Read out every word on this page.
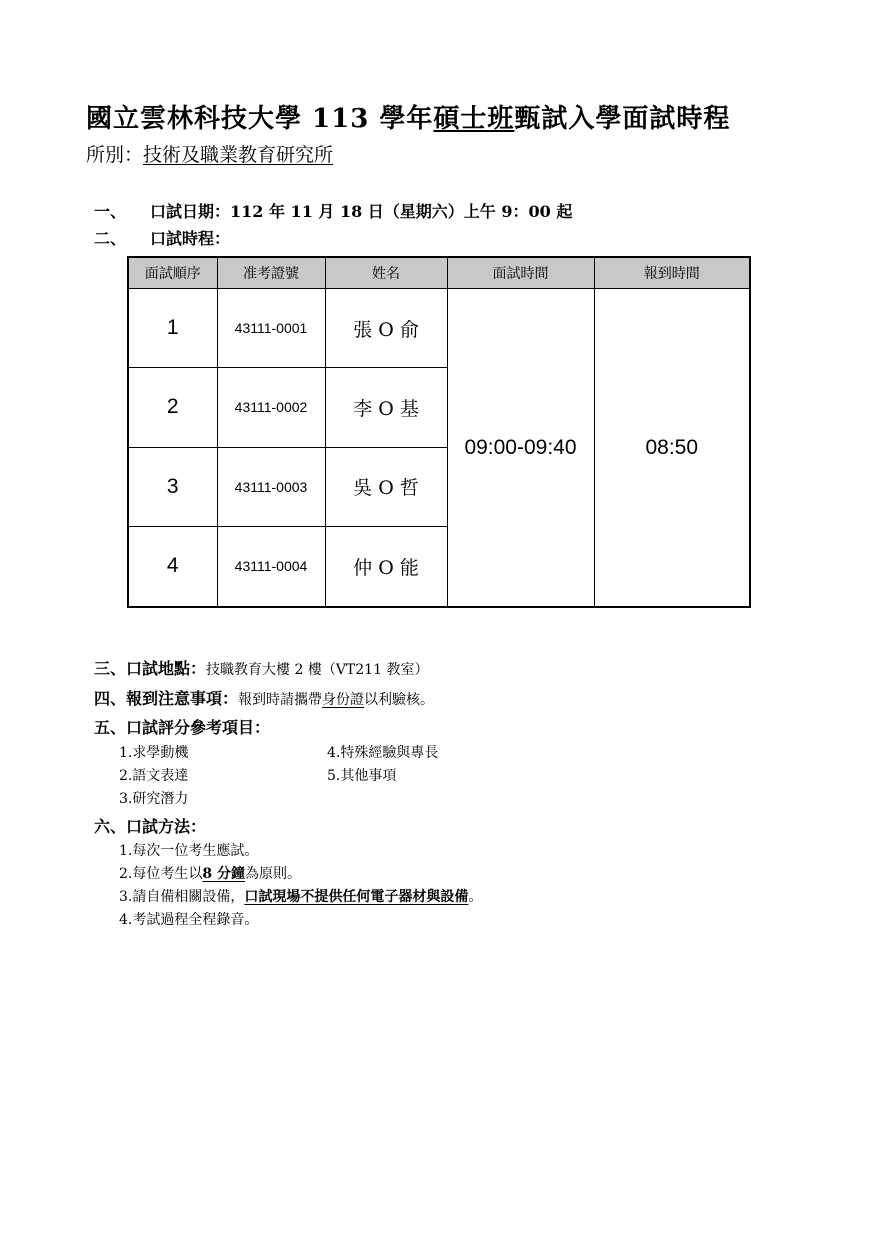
國立雲林科技大學 113 學年碩士班甄試入學面試時程
所別：技術及職業教育研究所
一、 口試日期：112 年 11 月 18 日（星期六）上午 9：00 起
二、 口試時程：
面試順序	准考證號	姓名	面試時間	報到時間
1	43111-0001	張 O 俞	09:00-09:40	08:50
2	43111-0002	李 O 基		
3	43111-0003	吳 O 哲		
4	43111-0004	仲 O 能		
三、口試地點：技職教育大樓 2 樓（VT211 教室）
四、報到注意事項：報到時請攜帶身份證以利驗核。
五、口試評分參考項目：
1.求學動機
2.語文表達
3.研究潛力
4.特殊經驗與專長
5.其他事項
六、口試方法：
1.每次一位考生應試。
2.每位考生以8 分鐘為原則。
3.請自備相關設備，口試現場不提供任何電子器材與設備。
4.考試過程全程錄音。
